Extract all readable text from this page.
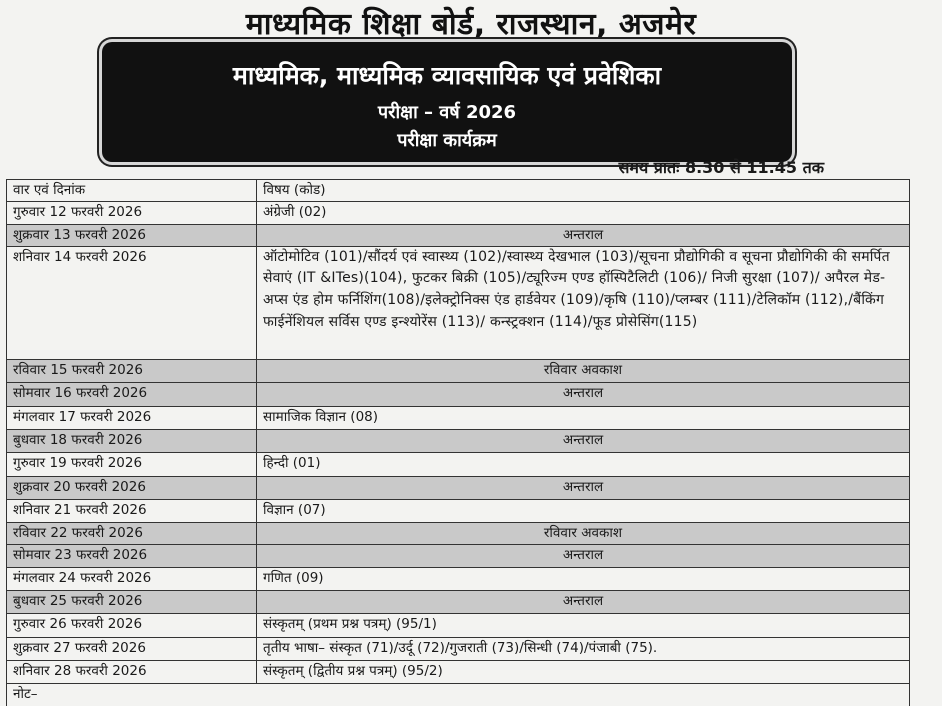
माध्यमिक शिक्षा बोर्ड, राजस्थान, अजमेर
माध्यमिक, माध्यमिक व्यावसायिक एवं प्रवेशिका
परीक्षा – वर्ष 2026
परीक्षा कार्यक्रम
समय प्रातः 8.30 से 11.45 तक
वार एवं दिनांक	विषय (कोड)
गुरुवार 12 फरवरी 2026	अंग्रेजी (02)
शुक्रवार 13 फरवरी 2026	अन्तराल
शनिवार 14 फरवरी 2026	ऑटोमोटिव (101)/सौंदर्य एवं स्वास्थ्य (102)/स्वास्थ्य देखभाल (103)/सूचना प्रौद्योगिकी व सूचना प्रौद्योगिकी की समर्पित सेवाएं (IT &ITes)(104), फुटकर बिक्री (105)/ट्यूरिज्म एण्ड हॉस्पिटैलिटी (106)/ निजी सुरक्षा (107)/ अपैरल मेड-अप्स एंड होम फर्निशिंग(108)/इलेक्ट्रोनिक्स एंड हार्डवेयर (109)/कृषि (110)/प्लम्बर (111)/टेलिकॉम (112),/बैंकिंग फाईनेंशियल सर्विस एण्ड इन्श्योरेंस (113)/ कन्स्ट्रक्शन (114)/फूड प्रोसेसिंग(115)
रविवार 15 फरवरी 2026	रविवार अवकाश
सोमवार 16 फरवरी 2026	अन्तराल
मंगलवार 17 फरवरी 2026	सामाजिक विज्ञान (08)
बुधवार 18 फरवरी 2026	अन्तराल
गुरुवार 19 फरवरी 2026	हिन्दी (01)
शुक्रवार 20 फरवरी 2026	अन्तराल
शनिवार 21 फरवरी 2026	विज्ञान (07)
रविवार 22 फरवरी 2026	रविवार अवकाश
सोमवार 23 फरवरी 2026	अन्तराल
मंगलवार 24 फरवरी 2026	गणित (09)
बुधवार 25 फरवरी 2026	अन्तराल
गुरुवार 26 फरवरी 2026	संस्कृतम् (प्रथम प्रश्न पत्रम्) (95/1)
शुक्रवार 27 फरवरी 2026	तृतीय भाषा– संस्कृत (71)/उर्दू (72)/गुजराती (73)/सिन्धी (74)/पंजाबी (75).
शनिवार 28 फरवरी 2026	संस्कृतम् (द्वितीय प्रश्न पत्रम्) (95/2)
नोट–	
